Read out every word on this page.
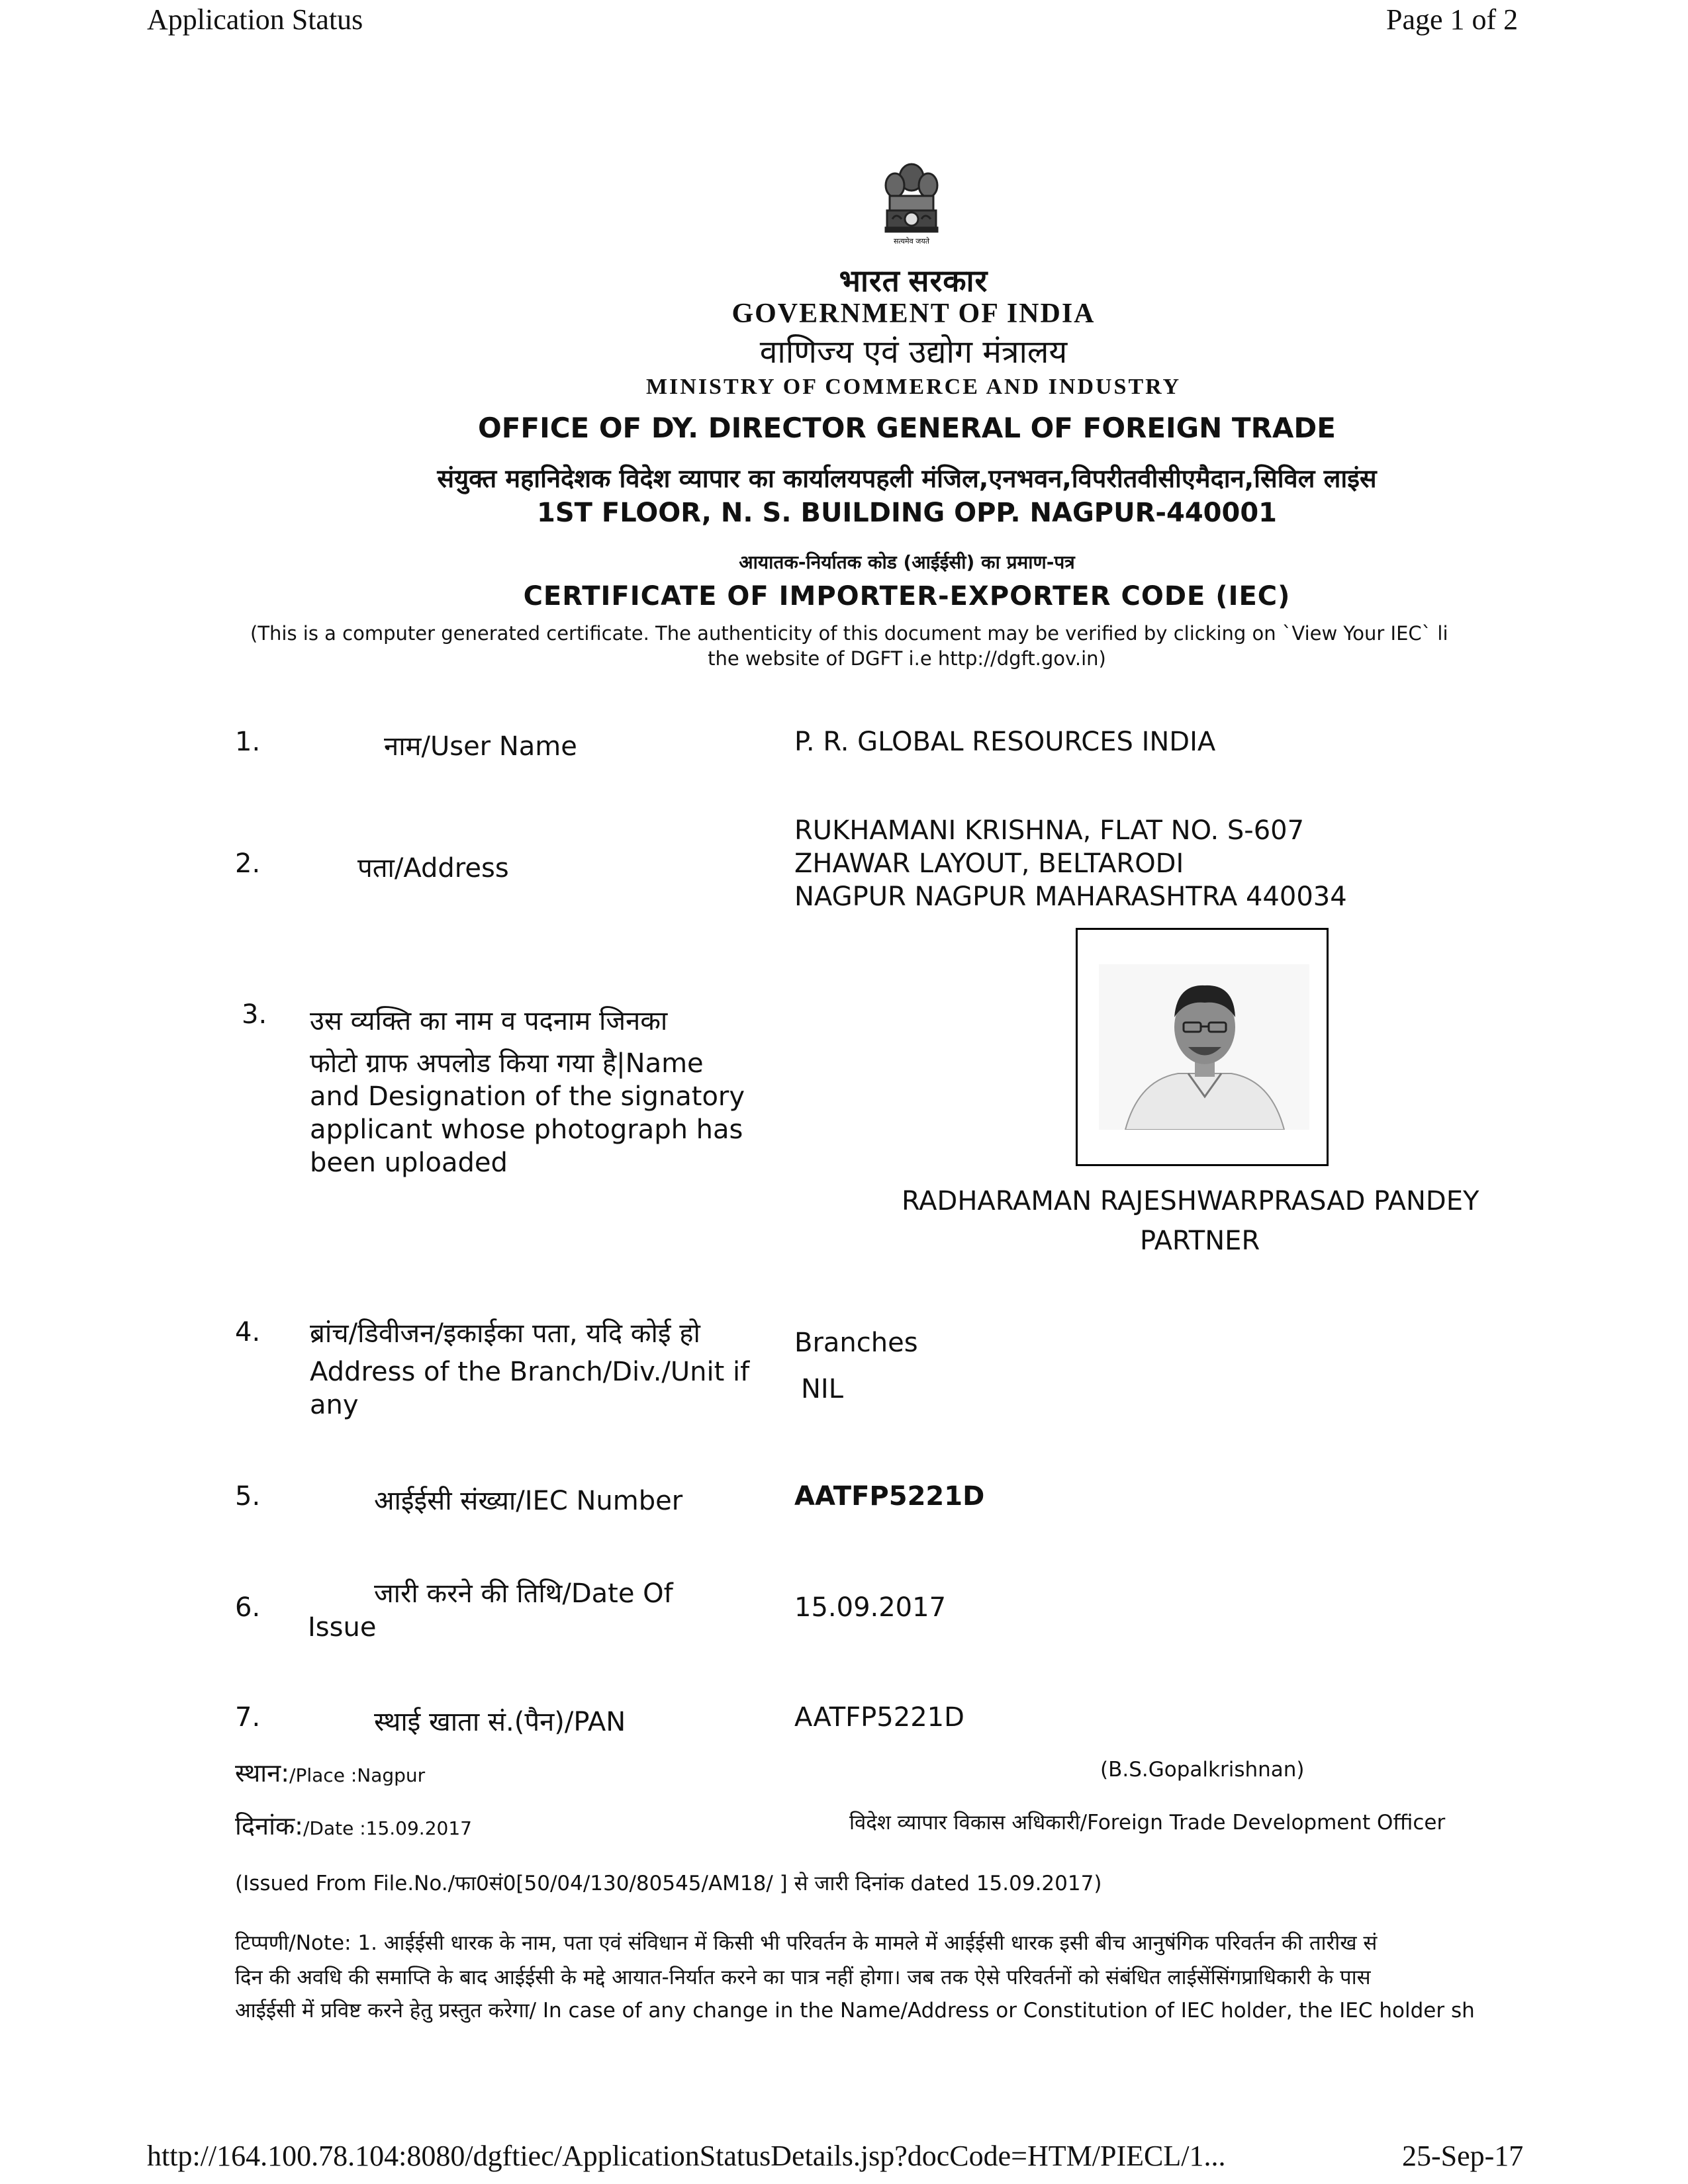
Application Status	Page 1 of 2
सत्यमेव जयते
भारत सरकार
GOVERNMENT OF INDIA
वाणिज्य एवं उद्योग मंत्रालय
MINISTRY OF COMMERCE AND INDUSTRY
OFFICE OF DY. DIRECTOR GENERAL OF FOREIGN TRADE
संयुक्त महानिदेशक विदेश व्यापार का कार्यालयपहली मंजिल,एनभवन,विपरीतवीसीएमैदान,सिविल लाइंस
1ST FLOOR, N. S. BUILDING OPP. NAGPUR-440001
आयातक-निर्यातक कोड (आईईसी) का प्रमाण-पत्र
CERTIFICATE OF IMPORTER-EXPORTER CODE (IEC)
(This is a computer generated certificate. The authenticity of this document may be verified by clicking on `View Your IEC` li
the website of DGFT i.e http://dgft.gov.in)
1.	नाम/User Name	P. R. GLOBAL RESOURCES INDIA
2.	पता/Address
RUKHAMANI KRISHNA, FLAT NO. S-607
ZHAWAR LAYOUT, BELTARODI
NAGPUR NAGPUR MAHARASHTRA 440034
3. उस व्यक्ति का नाम व पदनाम जिनका
फोटो ग्राफ अपलोड किया गया है|Name
and Designation of the signatory
applicant whose photograph has
been uploaded
RADHARAMAN RAJESHWARPRASAD PANDEY
PARTNER
4. ब्रांच/डिवीजन/इकाईका पता, यदि कोई हो
Address of the Branch/Div./Unit if
any
Branches
NIL
5.	आईईसी संख्या/IEC Number	AATFP5221D
6.	जारी करने की तिथि/Date Of
Issue
15.09.2017
7.	स्थाई खाता सं.(पैन)/PAN	AATFP5221D
स्थान:/Place :Nagpur	(B.S.Gopalkrishnan)
दिनांक:/Date :15.09.2017	विदेश व्यापार विकास अधिकारी/Foreign Trade Development Officer
(Issued From File.No./फा0सं0[50/04/130/80545/AM18/ ] से जारी दिनांक dated 15.09.2017)
टिप्पणी/Note: 1. आईईसी धारक के नाम, पता एवं संविधान में किसी भी परिवर्तन के मामले में आईईसी धारक इसी बीच आनुषंगिक परिवर्तन की तारीख सं
दिन की अवधि की समाप्ति के बाद आईईसी के मद्दे आयात-निर्यात करने का पात्र नहीं होगा। जब तक ऐसे परिवर्तनों को संबंधित लाईसेंसिंगप्राधिकारी के पास
आईईसी में प्रविष्ट करने हेतु प्रस्तुत करेगा/ In case of any change in the Name/Address or Constitution of IEC holder, the IEC holder sh
http://164.100.78.104:8080/dgftiec/ApplicationStatusDetails.jsp?docCode=HTM/PIECL/1...	25-Sep-17
